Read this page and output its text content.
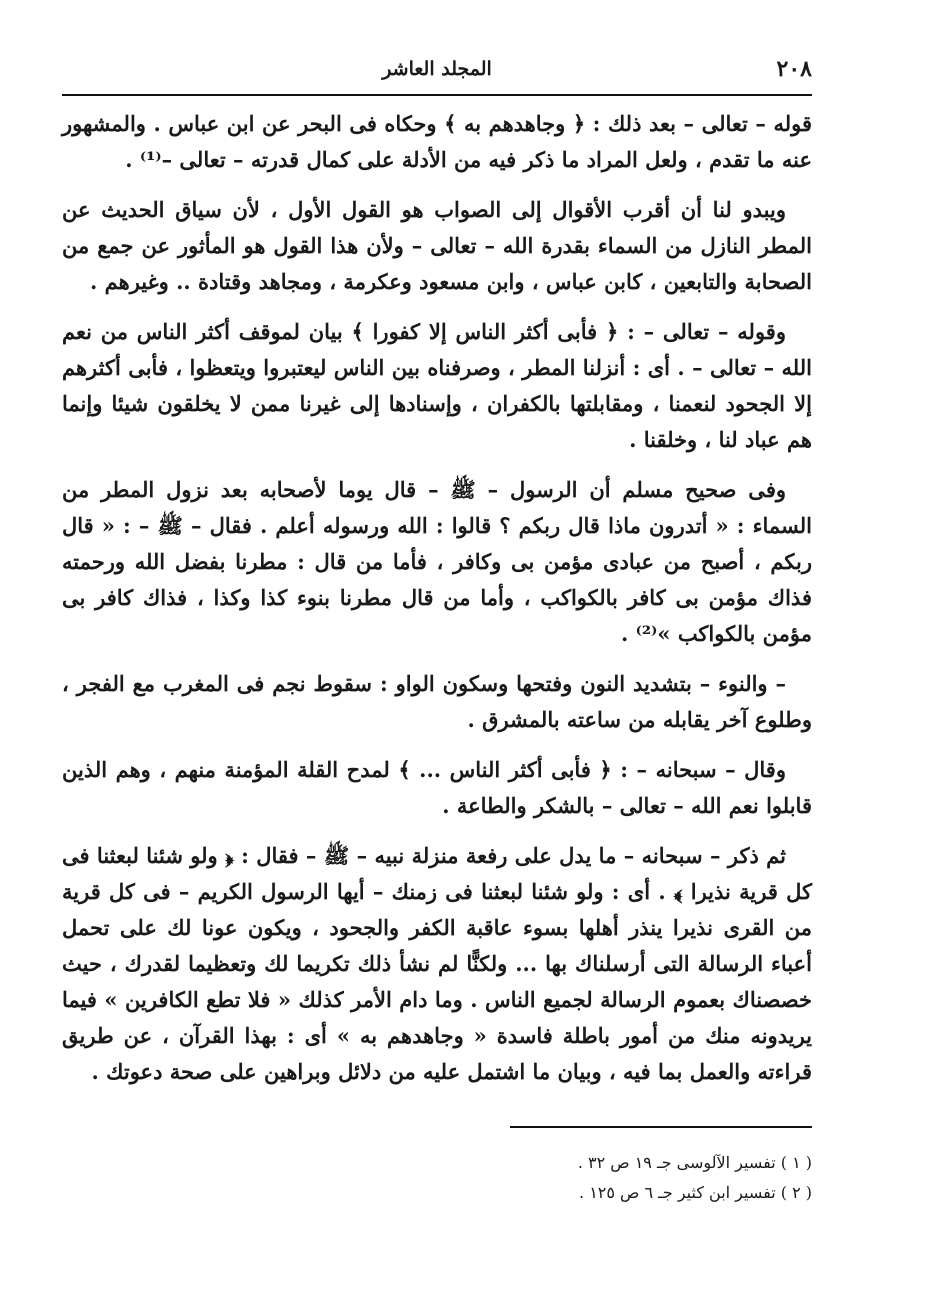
٢٠٨
المجلد العاشر

قوله – تعالى – بعد ذلك : ﴿ وجاهدهم به ﴾ وحكاه فى البحر عن ابن عباس . والمشهور عنه ما تقدم ، ولعل المراد ما ذكر فيه من الأدلة على كمال قدرته – تعالى –⁽¹⁾ .

ويبدو لنا أن أقرب الأقوال إلى الصواب هو القول الأول ، لأن سياق الحديث عن المطر النازل من السماء بقدرة الله – تعالى – ولأن هذا القول هو المأثور عن جمع من الصحابة والتابعين ، كابن عباس ، وابن مسعود وعكرمة ، ومجاهد وقتادة .. وغيرهم .

وقوله – تعالى – : ﴿ فأبى أكثر الناس إلا كفورا ﴾ بيان لموقف أكثر الناس من نعم الله – تعالى – . أى : أنزلنا المطر ، وصرفناه بين الناس ليعتبروا ويتعظوا ، فأبى أكثرهم إلا الجحود لنعمنا ، ومقابلتها بالكفران ، وإسنادها إلى غيرنا ممن لا يخلقون شيئا وإنما هم عباد لنا ، وخلقنا .

وفى صحيح مسلم أن الرسول – ﷺ – قال يوما لأصحابه بعد نزول المطر من السماء : « أتدرون ماذا قال ربكم ؟ قالوا : الله ورسوله أعلم . فقال – ﷺ – : « قال ربكم ، أصبح من عبادى مؤمن بى وكافر ، فأما من قال : مطرنا بفضل الله ورحمته فذاك مؤمن بى كافر بالكواكب ، وأما من قال مطرنا بنوء كذا وكذا ، فذاك كافر بى مؤمن بالكواكب »⁽²⁾ .

– والنوء – بتشديد النون وفتحها وسكون الواو : سقوط نجم فى المغرب مع الفجر ، وطلوع آخر يقابله من ساعته بالمشرق .

وقال – سبحانه – : ﴿ فأبى أكثر الناس ... ﴾ لمدح القلة المؤمنة منهم ، وهم الذين قابلوا نعم الله – تعالى – بالشكر والطاعة .

ثم ذكر – سبحانه – ما يدل على رفعة منزلة نبيه – ﷺ – فقال : ﴿ ولو شئنا لبعثنا فى كل قرية نذيرا ﴾ . أى : ولو شئنا لبعثنا فى زمنك – أيها الرسول الكريم – فى كل قرية من القرى نذيرا ينذر أهلها بسوء عاقبة الكفر والجحود ، ويكون عونا لك على تحمل أعباء الرسالة التى أرسلناك بها ... ولكنًّا لم نشأ ذلك تكريما لك وتعظيما لقدرك ، حيث خصصناك بعموم الرسالة لجميع الناس . وما دام الأمر كذلك « فلا تطع الكافرين » فيما يريدونه منك من أمور باطلة فاسدة « وجاهدهم به » أى : بهذا القرآن ، عن طريق قراءته والعمل بما فيه ، وبيان ما اشتمل عليه من دلائل وبراهين على صحة دعوتك .

( ١ ) تفسير الآلوسى جـ ١٩ ص ٣٢ .
( ٢ ) تفسير ابن كثير جـ ٦ ص ١٢٥ .
